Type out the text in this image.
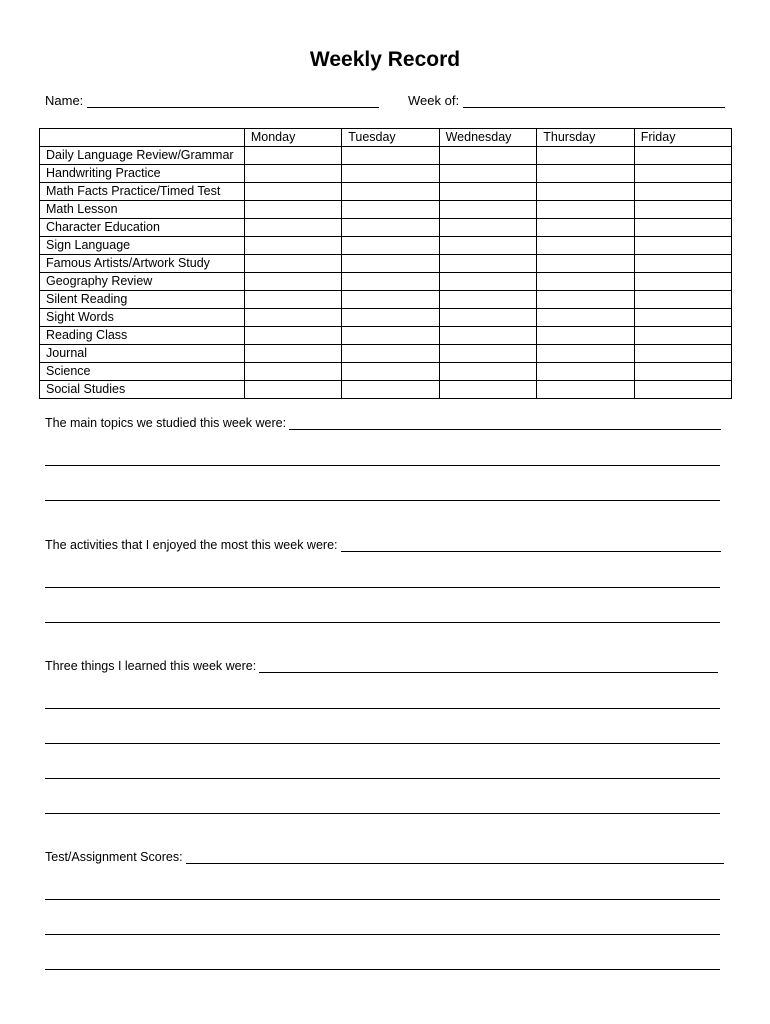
Weekly Record
Name:	Week of:
	Monday	Tuesday	Wednesday	Thursday	Friday
Daily Language Review/Grammar					
Handwriting Practice					
Math Facts Practice/Timed Test					
Math Lesson					
Character Education					
Sign Language					
Famous Artists/Artwork Study					
Geography Review					
Silent Reading					
Sight Words					
Reading Class					
Journal					
Science					
Social Studies					
The main topics we studied this week were:
The activities that I enjoyed the most this week were:
Three things I learned this week were:
Test/Assignment Scores:
